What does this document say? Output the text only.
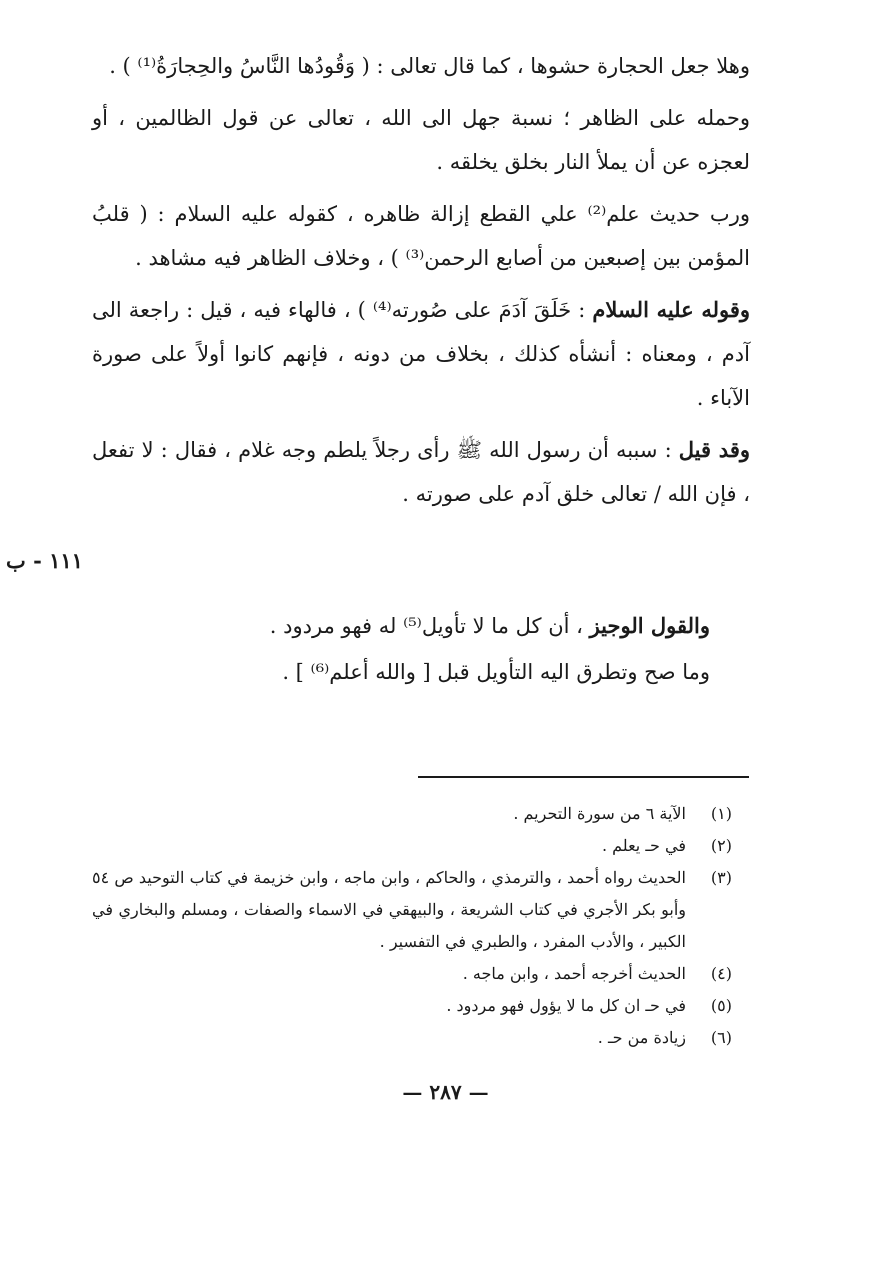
وهلا جعل الحجارة حشوها ، كما قال تعالى : ( وَقُودُها النَّاسُ والحِجارَةُ⁽¹⁾ ) .

وحمله على الظاهر ؛ نسبة جهل الى الله ، تعالى عن قول الظالمين ، أو لعجزه عن أن يملأ النار بخلق يخلقه .

ورب حديث علم⁽²⁾ علي القطع إزالة ظاهره ، كقوله عليه السلام : ( قلبُ المؤمن بين إصبعين من أصابع الرحمن⁽³⁾ ) ، وخلاف الظاهر فيه مشاهد .

وقوله عليه السلام : خَلَقَ آدَمَ على صُورته⁽⁴⁾ ) ، فالهاء فيه ، قيل : راجعة الى آدم ، ومعناه : أنشأه كذلك ، بخلاف من دونه ، فإنهم كانوا أولاً على صورة الآباء .

وقد قيل : سببه أن رسول الله ﷺ رأى رجلاً يلطم وجه غلام ، فقال : لا تفعل ، فإن الله / تعالى خلق آدم على صورته .

١١١ - ب
والقول الوجيز ، أن كل ما لا تأويل⁽⁵⁾ له فهو مردود .
وما صح وتطرق اليه التأويل قبل [ والله أعلم⁽⁶⁾ ] .
(١)
الآية ٦ من سورة التحريم .
(٢)
في حـ يعلم .
(٣)
الحديث رواه أحمد ، والترمذي ، والحاكم ، وابن ماجه ، وابن خزيمة في كتاب التوحيد ص ٥٤ وأبو بكر الأجري في كتاب الشريعة ، والبيهقي في الاسماء والصفات ، ومسلم والبخاري في الكبير ، والأدب المفرد ، والطبري في التفسير .
(٤)
الحديث أخرجه أحمد ، وابن ماجه .
(٥)
في حـ ان كل ما لا يؤول فهو مردود .
(٦)
زيادة من حـ .
— ٢٨٧ —
